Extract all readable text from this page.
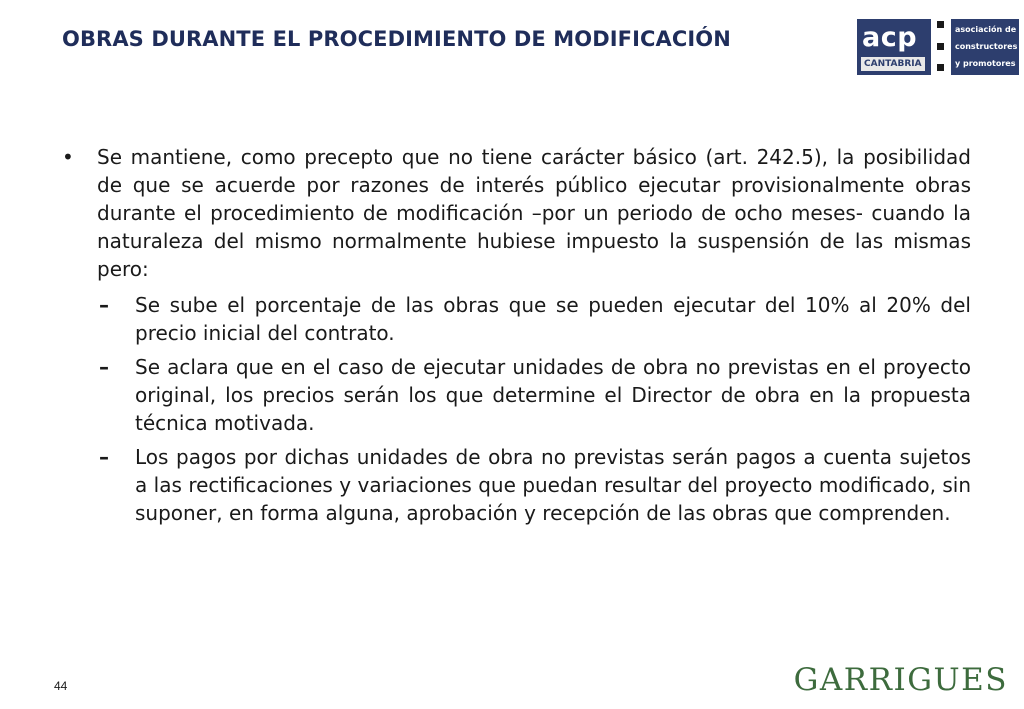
OBRAS DURANTE EL PROCEDIMIENTO DE MODIFICACIÓN	acp
CANTABRIA
asociación de
constructores
y promotores
•	Se mantiene, como precepto que no tiene carácter básico (art. 242.5), la posibilidad de que se acuerde por razones de interés público ejecutar provisionalmente obras durante el procedimiento de modificación –por un periodo de ocho meses- cuando la naturaleza del mismo normalmente hubiese impuesto la suspensión de las mismas pero:

–	Se sube el porcentaje de las obras que se pueden ejecutar del 10% al 20% del precio inicial del contrato.

–	Se aclara que en el caso de ejecutar unidades de obra no previstas en el proyecto original, los precios serán los que determine el Director de obra en la propuesta técnica motivada.

–	Los pagos por dichas unidades de obra no previstas serán pagos a cuenta sujetos a las rectificaciones y variaciones que puedan resultar del proyecto modificado, sin suponer, en forma alguna, aprobación y recepción de las obras que comprenden.

44	GARRIGUES
